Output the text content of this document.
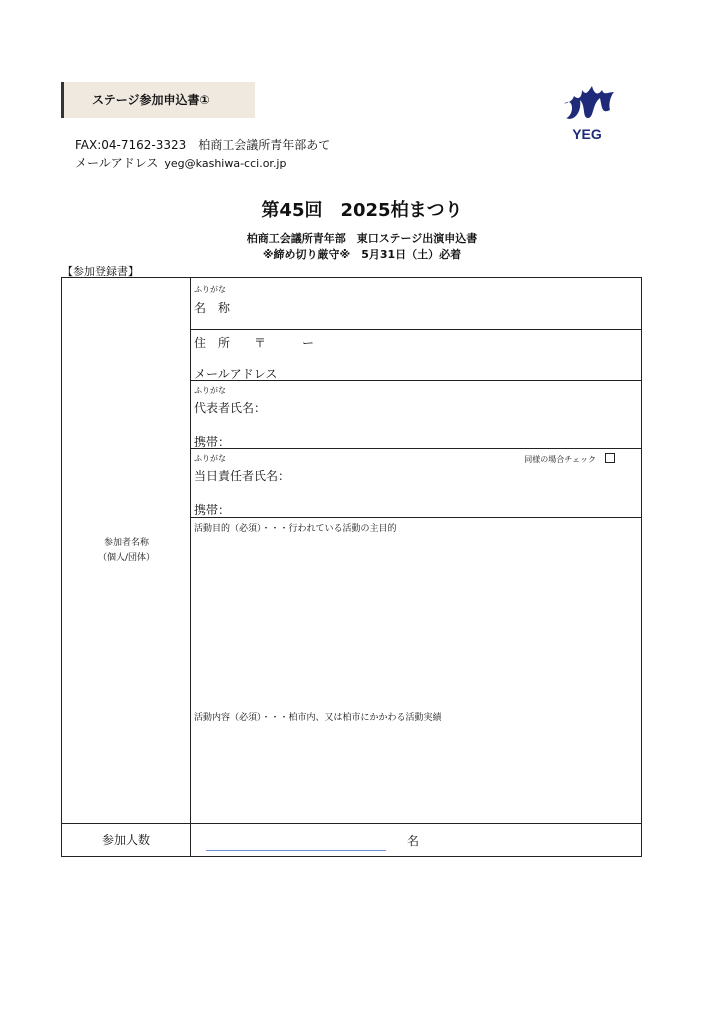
ステージ参加申込書①
FAX:04-7162-3323　柏商工会議所青年部あて
メールアドレス yeg@kashiwa-cci.or.jp
YEG
第45回　2025柏まつり
柏商工会議所青年部　東口ステージ出演申込書
※締め切り厳守※　5月31日（土）必着
【参加登録書】
参加者名称
（個人/団体）
ふりがな
名　称
住　所　　〒　　　ー
メールアドレス
ふりがな
代表者氏名：
携帯：
ふりがな	同様の場合チェック
当日責任者氏名：
携帯：
活動目的（必須）・・・行われている活動の主目的
活動内容（必須）・・・柏市内、又は柏市にかかわる活動実績
参加人数	名
